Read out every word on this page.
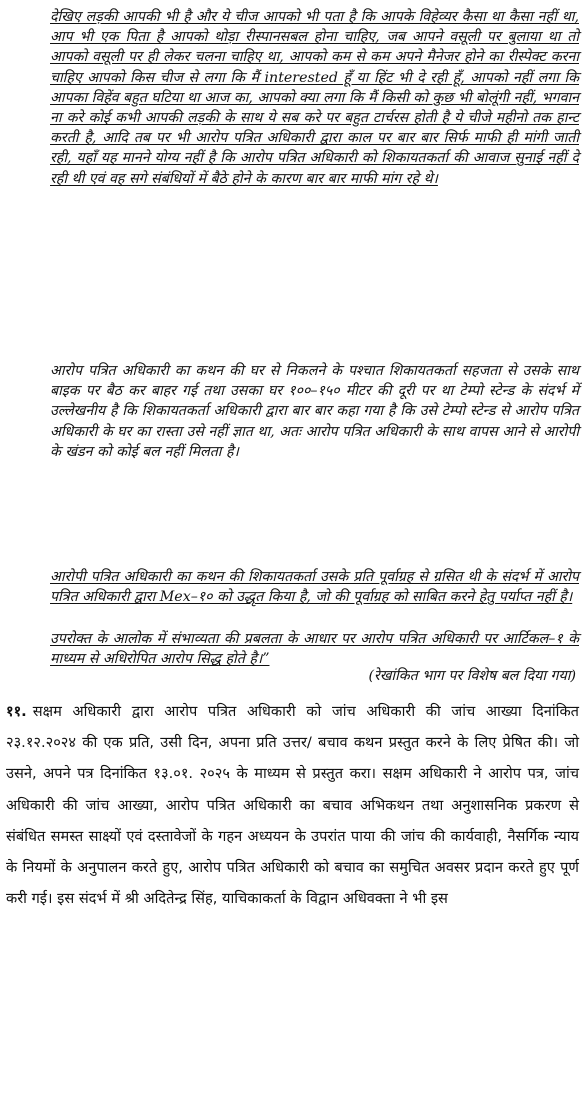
देखिए लड़की आपकी भी है और ये चीज आपको भी पता है कि आपके विहेव्यर कैसा था कैसा नहीं था, आप भी एक पिता है आपको थोड़ा रीस्पानसबल होना चाहिए, जब आपने वसूली पर बुलाया था तो आपको वसूली पर ही लेकर चलना चाहिए था, आपको कम से कम अपने मैनेजर होने का रीस्पेक्ट करना चाहिए आपको किस चीज से लगा कि मैं interested हूँ या हिंट भी दे रही हूँ, आपको नहीं लगा कि आपका विहेंव बहुत घटिया था आज का, आपको क्या लगा कि मैं किसी को कुछ भी बोलूंगी नहीं, भगवान ना करे कोई कभी आपकी लड़की के साथ ये सब करे पर बहुत टार्चरस होती है ये चीजे महीनो तक हान्ट करती है, आदि तब पर भी आरोप पत्रित अधिकारी द्वारा काल पर बार बार सिर्फ माफी ही मांगी जाती रही, यहाँ यह मानने योग्य नहीं है कि आरोप पत्रित अधिकारी को शिकायतकर्ता की आवाज सुनाई नहीं दे रही थी एवं वह सगे संबंधियों में बैठे होने के कारण बार बार माफी मांग रहे थे।
आरोप पत्रित अधिकारी का कथन की घर से निकलने के पश्चात शिकायतकर्ता सहजता से उसके साथ बाइक पर बैठ कर बाहर गई तथा उसका घर १००–१५० मीटर की दूरी पर था टेम्पो स्टेन्ड के संदर्भ में उल्लेखनीय है कि शिकायतकर्ता अधिकारी द्वारा बार बार कहा गया है कि उसे टेम्पो स्टेन्ड से आरोप पत्रित अधिकारी के घर का रास्ता उसे नहीं ज्ञात था, अतः आरोप पत्रित अधिकारी के साथ वापस आने से आरोपी के खंडन को कोई बल नहीं मिलता है।
आरोपी पत्रित अधिकारी का कथन की शिकायतकर्ता उसके प्रति पूर्वाग्रह से ग्रसित थी के संदर्भ में आरोप पत्रित अधिकारी द्वारा Mex–१० को उद्धृत किया है, जो की पूर्वाग्रह को साबित करने हेतु पर्याप्त नहीं है।
उपरोक्त के आलोक में संभाव्यता की प्रबलता के आधार पर आरोप पत्रित अधिकारी पर आर्टिकल–१ के माध्यम से अधिरोपित आरोप सिद्ध होते है।”
(रेखांकित भाग पर विशेष बल दिया गया)
११. सक्षम अधिकारी द्वारा आरोप पत्रित अधिकारी को जांच अधिकारी की जांच आख्या दिनांकित २३.१२.२०२४ की एक प्रति, उसी दिन, अपना प्रति उत्तर/ बचाव कथन प्रस्तुत करने के लिए प्रेषित की। जो उसने, अपने पत्र दिनांकित १३.०१. २०२५ के माध्यम से प्रस्तुत करा। सक्षम अधिकारी ने आरोप पत्र, जांच अधिकारी की जांच आख्या, आरोप पत्रित अधिकारी का बचाव अभिकथन तथा अनुशासनिक प्रकरण से संबंधित समस्त साक्ष्यों एवं दस्तावेजों के गहन अध्ययन के उपरांत पाया की जांच की कार्यवाही, नैसर्गिक न्याय के नियमों के अनुपालन करते हुए, आरोप पत्रित अधिकारी को बचाव का समुचित अवसर प्रदान करते हुए पूर्ण करी गई। इस संदर्भ में श्री अदितेन्द्र सिंह, याचिकाकर्ता के विद्वान अधिवक्ता ने भी इस
